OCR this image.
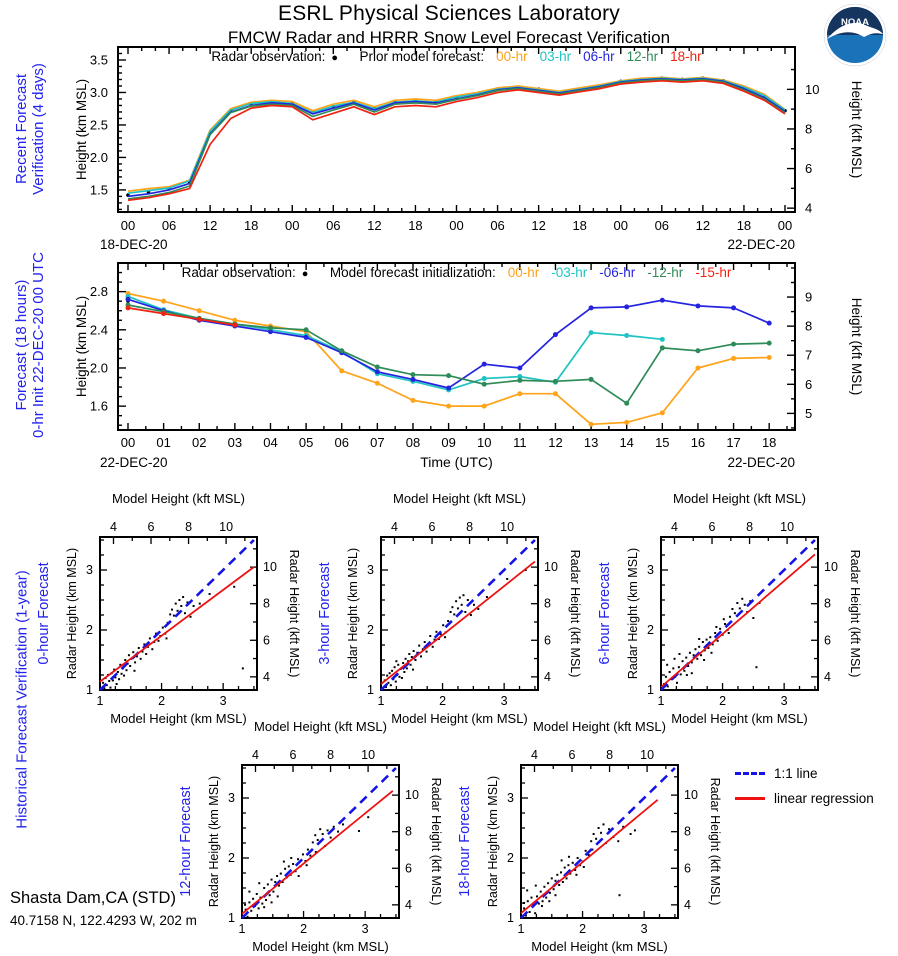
ESRL Physical Sciences Laboratory
FMCW Radar and HRRR Snow Level Forecast Verification
NOAA
Recent Forecast Verification (4 days)
Forecast (18 hours) 0-hr Init 22-DEC-20 00 UTC
Historical Forecast Verification (1-year)
00 06 12 18 00 06 12 18 00 06 12 18 00 06 12 18 00
1.5
2.0
2.5
3.0
3.5
4
6
8
10
18-DEC-20	22-DEC-20
Height (km MSL)	Height (kft MSL)
Radar observation: ● Prior model forecast: 00-hr 03-hr 06-hr 12-hr 18-hr
00 01 02 03 04 05 06 07 08 09 10 11 12 13 14 15 16 17 18
1.6
2.0
2.4
2.8
5
6
7
8
9
22-DEC-20	22-DEC-20
Time (UTC)
Height (km MSL)	Height (kft MSL)
Radar observation: ● Model forecast initialization: 00-hr -03-hr -06-hr -12-hr -15-hr
1
1
2
2
3
3
4
4
6
6
8
8
10
10
Model Height (kft MSL)
Model Height (km MSL)
Radar Height (km MSL)	Radar Height (kft MSL)
0-hour Forecast
1
1
2
2
3
3
4
4
6
6
8
8
10
10
Model Height (kft MSL)
Model Height (km MSL)
Radar Height (km MSL)	Radar Height (kft MSL)
3-hour Forecast
1
1
2
2
3
3
4
4
6
6
8
8
10
10
Model Height (kft MSL)
Model Height (km MSL)
Radar Height (km MSL)	Radar Height (kft MSL)
6-hour Forecast
1
1
2
2
3
3
4
4
6
6
8
8
10
10
Model Height (kft MSL)
Model Height (km MSL)
Radar Height (km MSL)	Radar Height (kft MSL)
12-hour Forecast
1
1
2
2
3
3
4
4
6
6
8
8
10
10
Model Height (kft MSL)
Model Height (km MSL)
Radar Height (km MSL)	Radar Height (kft MSL)
18-hour Forecast
1:1 line
linear regression
Shasta Dam,CA (STD)
40.7158 N, 122.4293 W, 202 m
